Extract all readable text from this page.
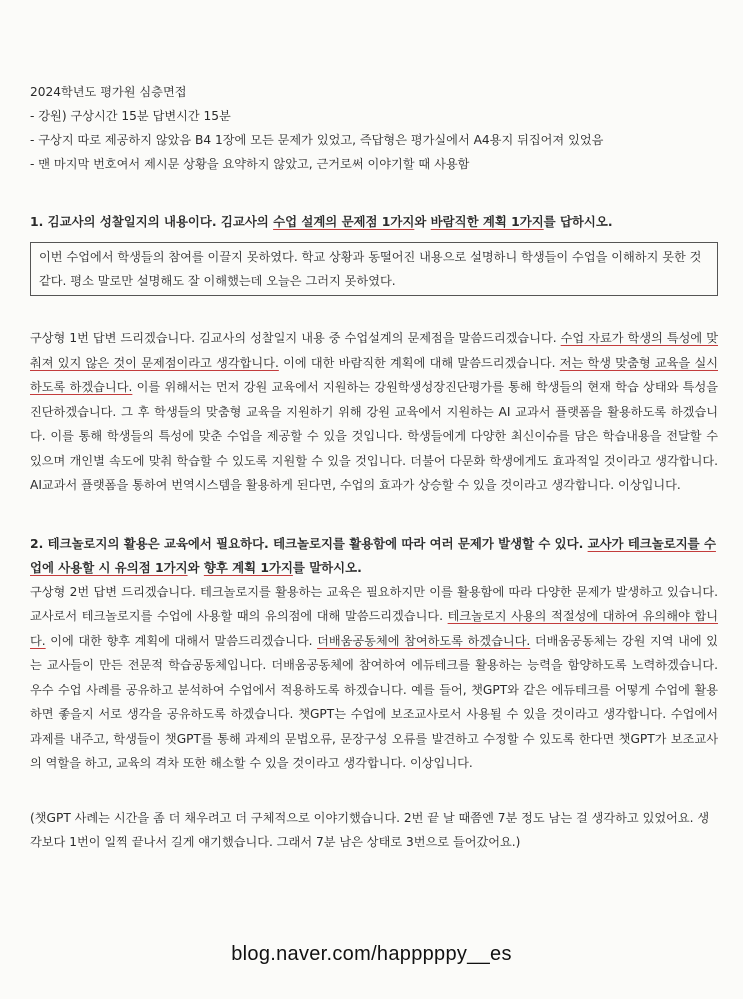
2024학년도 평가원 심층면접
- 강원) 구상시간 15분 답변시간 15분
- 구상지 따로 제공하지 않았음 B4 1장에 모든 문제가 있었고, 즉답형은 평가실에서 A4용지 뒤집어져 있었음
- 맨 마지막 번호여서 제시문 상황을 요약하지 않았고, 근거로써 이야기할 때 사용함
1. 김교사의 성찰일지의 내용이다. 김교사의 수업 설계의 문제점 1가지와 바람직한 계획 1가지를 답하시오.
이번 수업에서 학생들의 참여를 이끌지 못하였다. 학교 상황과 동떨어진 내용으로 설명하니 학생들이 수업을 이해하지 못한 것 같다. 평소 말로만 설명해도 잘 이해했는데 오늘은 그러지 못하였다.
구상형 1번 답변 드리겠습니다. 김교사의 성찰일지 내용 중 수업설계의 문제점을 말씀드리겠습니다. 수업 자료가 학생의 특성에 맞춰져 있지 않은 것이 문제점이라고 생각합니다. 이에 대한 바람직한 계획에 대해 말씀드리겠습니다. 저는 학생 맞춤형 교육을 실시하도록 하겠습니다. 이를 위해서는 먼저 강원 교육에서 지원하는 강원학생성장진단평가를 통해 학생들의 현재 학습 상태와 특성을 진단하겠습니다. 그 후 학생들의 맞춤형 교육을 지원하기 위해 강원 교육에서 지원하는 AI 교과서 플랫폼을 활용하도록 하겠습니다. 이를 통해 학생들의 특성에 맞춘 수업을 제공할 수 있을 것입니다. 학생들에게 다양한 최신이슈를 담은 학습내용을 전달할 수 있으며 개인별 속도에 맞춰 학습할 수 있도록 지원할 수 있을 것입니다. 더불어 다문화 학생에게도 효과적일 것이라고 생각합니다. AI교과서 플랫폼을 통하여 번역시스템을 활용하게 된다면, 수업의 효과가 상승할 수 있을 것이라고 생각합니다. 이상입니다.
2. 테크놀로지의 활용은 교육에서 필요하다. 테크놀로지를 활용함에 따라 여러 문제가 발생할 수 있다. 교사가 테크놀로지를 수업에 사용할 시 유의점 1가지와 향후 계획 1가지를 말하시오.
구상형 2번 답변 드리겠습니다. 테크놀로지를 활용하는 교육은 필요하지만 이를 활용함에 따라 다양한 문제가 발생하고 있습니다. 교사로서 테크놀로지를 수업에 사용할 때의 유의점에 대해 말씀드리겠습니다. 테크놀로지 사용의 적절성에 대하여 유의해야 합니다. 이에 대한 향후 계획에 대해서 말씀드리겠습니다. 더배움공동체에 참여하도록 하겠습니다. 더배움공동체는 강원 지역 내에 있는 교사들이 만든 전문적 학습공동체입니다. 더배움공동체에 참여하여 에듀테크를 활용하는 능력을 함양하도록 노력하겠습니다. 우수 수업 사례를 공유하고 분석하여 수업에서 적용하도록 하겠습니다. 예를 들어, 챗GPT와 같은 에듀테크를 어떻게 수업에 활용하면 좋을지 서로 생각을 공유하도록 하겠습니다. 챗GPT는 수업에 보조교사로서 사용될 수 있을 것이라고 생각합니다. 수업에서 과제를 내주고, 학생들이 챗GPT를 통해 과제의 문법오류, 문장구성 오류를 발견하고 수정할 수 있도록 한다면 챗GPT가 보조교사의 역할을 하고, 교육의 격차 또한 해소할 수 있을 것이라고 생각합니다. 이상입니다.
(챗GPT 사례는 시간을 좀 더 채우려고 더 구체적으로 이야기했습니다. 2번 끝 날 때쯤엔 7분 정도 남는 걸 생각하고 있었어요. 생각보다 1번이 일찍 끝나서 길게 얘기했습니다. 그래서 7분 남은 상태로 3번으로 들어갔어요.)
blog.naver.com/happpppy__es
